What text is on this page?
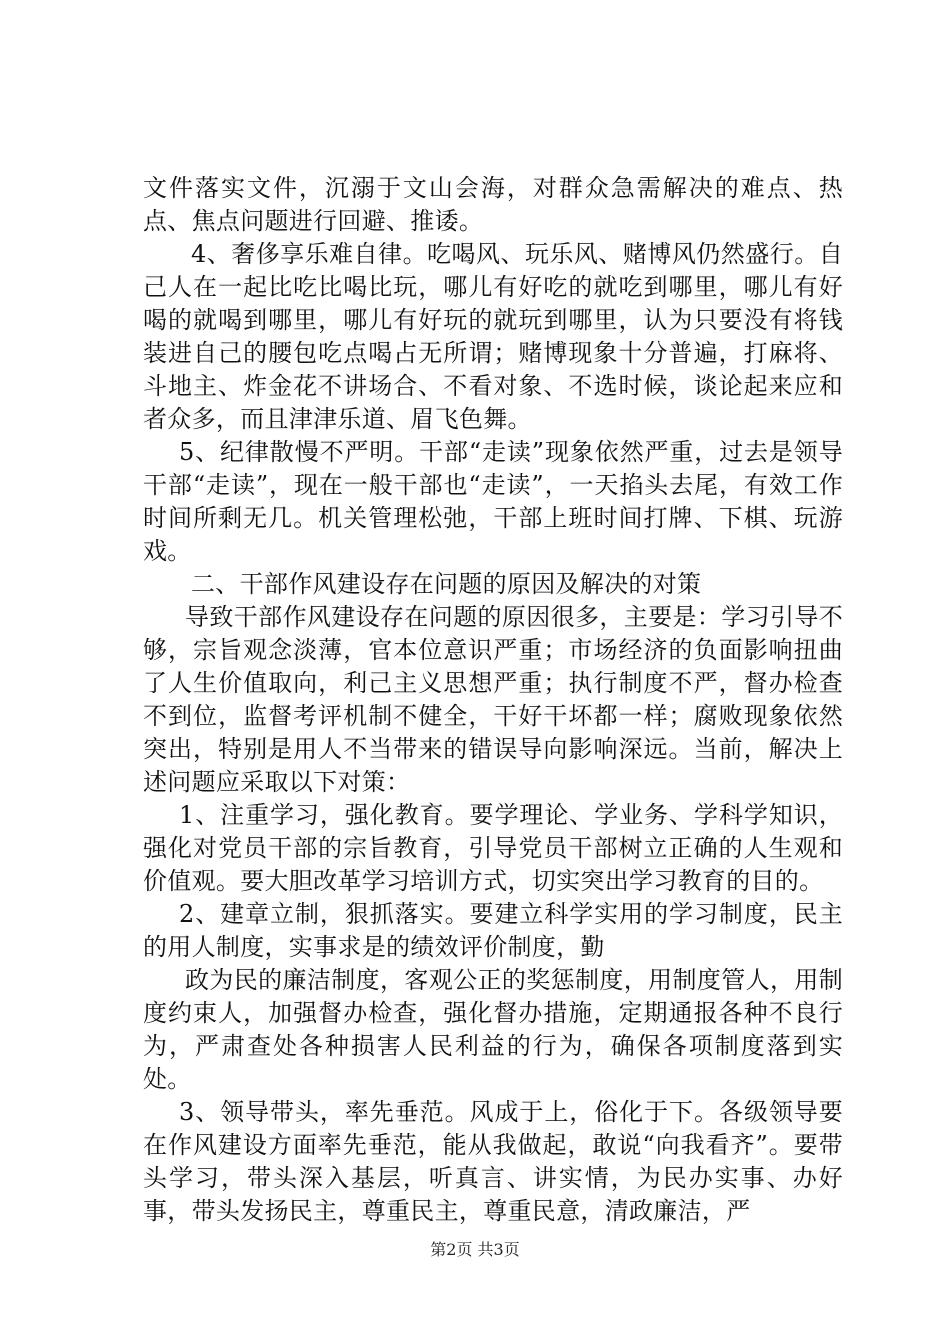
文件落实文件，沉溺于文山会海，对群众急需解决的难点、热点、焦点问题进行回避、推诿。

4、奢侈享乐难自律。吃喝风、玩乐风、赌博风仍然盛行。自己人在一起比吃比喝比玩，哪儿有好吃的就吃到哪里，哪儿有好喝的就喝到哪里，哪儿有好玩的就玩到哪里，认为只要没有将钱装进自己的腰包吃点喝占无所谓；赌博现象十分普遍，打麻将、斗地主、炸金花不讲场合、不看对象、不选时候，谈论起来应和者众多，而且津津乐道、眉飞色舞。

5、纪律散慢不严明。干部“走读”现象依然严重，过去是领导干部“走读”，现在一般干部也“走读”，一天掐头去尾，有效工作时间所剩无几。机关管理松弛，干部上班时间打牌、下棋、玩游戏。

二、干部作风建设存在问题的原因及解决的对策

导致干部作风建设存在问题的原因很多，主要是：学习引导不够，宗旨观念淡薄，官本位意识严重；市场经济的负面影响扭曲了人生价值取向，利己主义思想严重；执行制度不严，督办检查不到位，监督考评机制不健全，干好干坏都一样；腐败现象依然突出，特别是用人不当带来的错误导向影响深远。当前，解决上述问题应采取以下对策：

1、注重学习，强化教育。要学理论、学业务、学科学知识，强化对党员干部的宗旨教育，引导党员干部树立正确的人生观和价值观。要大胆改革学习培训方式，切实突出学习教育的目的。

2、建章立制，狠抓落实。要建立科学实用的学习制度，民主的用人制度，实事求是的绩效评价制度，勤

政为民的廉洁制度，客观公正的奖惩制度，用制度管人，用制度约束人，加强督办检查，强化督办措施，定期通报各种不良行为，严肃查处各种损害人民利益的行为，确保各项制度落到实处。

3、领导带头，率先垂范。风成于上，俗化于下。各级领导要在作风建设方面率先垂范，能从我做起，敢说“向我看齐”。要带头学习，带头深入基层，听真言、讲实情，为民办实事、办好事，带头发扬民主，尊重民主，尊重民意，清政廉洁，严

第2页 共3页
